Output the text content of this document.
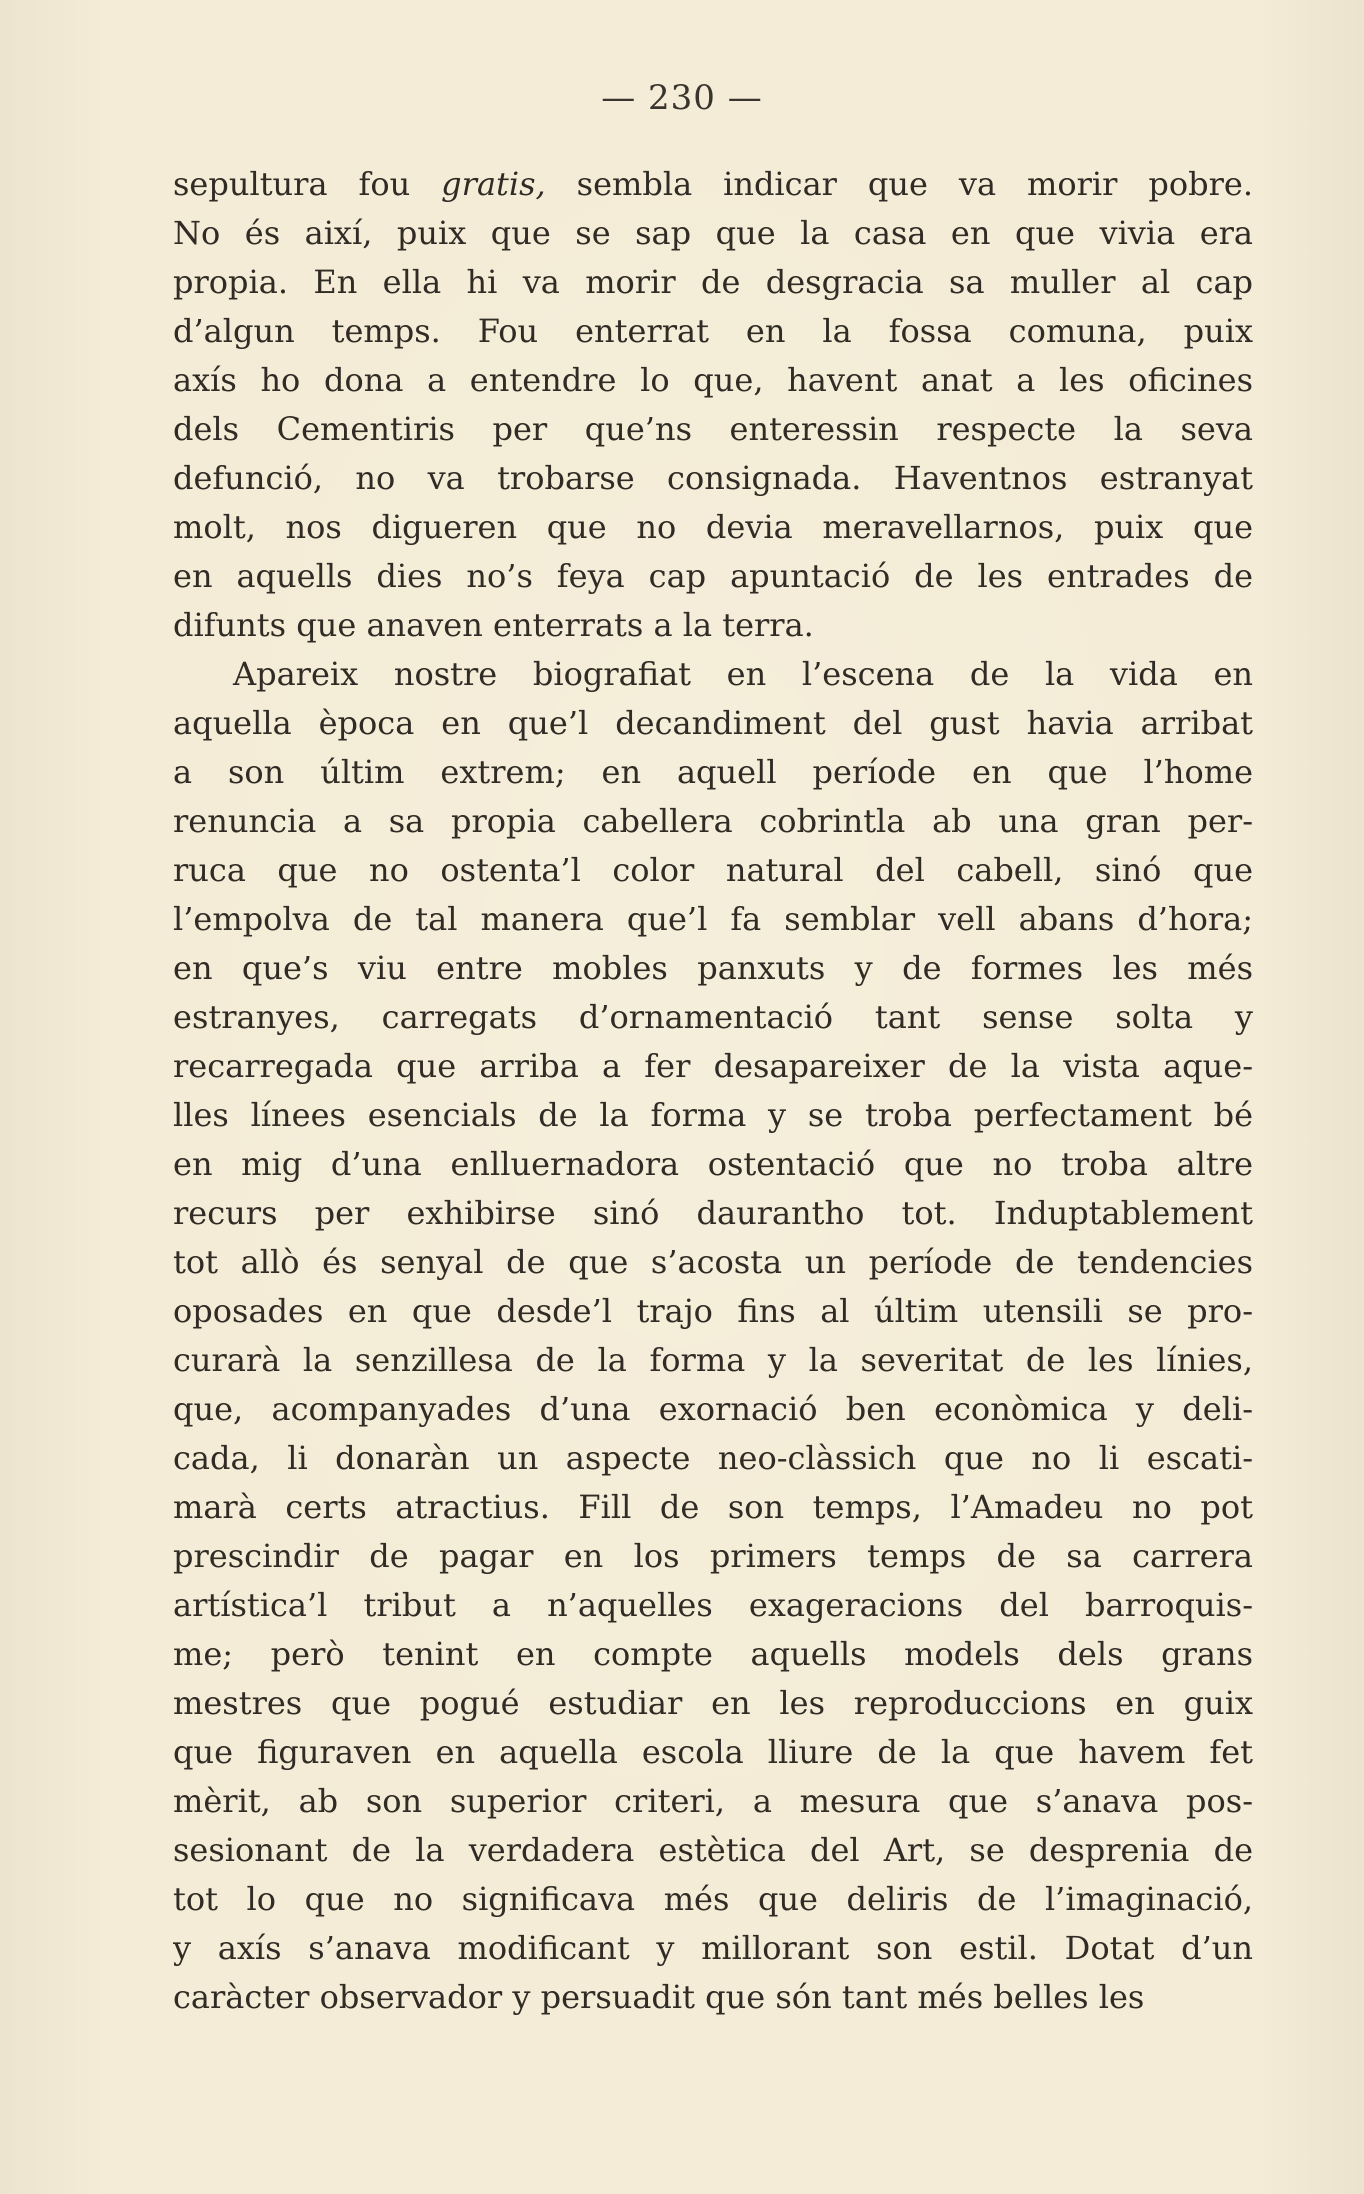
— 230 —
sepultura fou gratis, sembla indicar que va morir pobre.
No és així, puix que se sap que la casa en que vivia era
propia. En ella hi va morir de desgracia sa muller al cap
d’algun temps. Fou enterrat en la fossa comuna, puix
axís ho dona a entendre lo que, havent anat a les oficines
dels Cementiris per que’ns enteressin respecte la seva
defunció, no va trobarse consignada. Haventnos estranyat
molt, nos digueren que no devia meravellarnos, puix que
en aquells dies no’s feya cap apuntació de les entrades de
difunts que anaven enterrats a la terra.
Apareix nostre biografiat en l’escena de la vida en
aquella època en que’l decandiment del gust havia arribat
a son últim extrem; en aquell període en que l’home
renuncia a sa propia cabellera cobrintla ab una gran per-
ruca que no ostenta’l color natural del cabell, sinó que
l’empolva de tal manera que’l fa semblar vell abans d’hora;
en que’s viu entre mobles panxuts y de formes les més
estranyes, carregats d’ornamentació tant sense solta y
recarregada que arriba a fer desapareixer de la vista aque-
lles línees esencials de la forma y se troba perfectament bé
en mig d’una enlluernadora ostentació que no troba altre
recurs per exhibirse sinó daurantho tot. Induptablement
tot allò és senyal de que s’acosta un període de tendencies
oposades en que desde’l trajo fins al últim utensili se pro-
curarà la senzillesa de la forma y la severitat de les línies,
que, acompanyades d’una exornació ben econòmica y deli-
cada, li donaràn un aspecte neo-clàssich que no li escati-
marà certs atractius. Fill de son temps, l’Amadeu no pot
prescindir de pagar en los primers temps de sa carrera
artística’l tribut a n’aquelles exageracions del barroquis-
me; però tenint en compte aquells models dels grans
mestres que pogué estudiar en les reproduccions en guix
que figuraven en aquella escola lliure de la que havem fet
mèrit, ab son superior criteri, a mesura que s’anava pos-
sesionant de la verdadera estètica del Art, se desprenia de
tot lo que no significava més que deliris de l’imaginació,
y axís s’anava modificant y millorant son estil. Dotat d’un
caràcter observador y persuadit que són tant més belles les
